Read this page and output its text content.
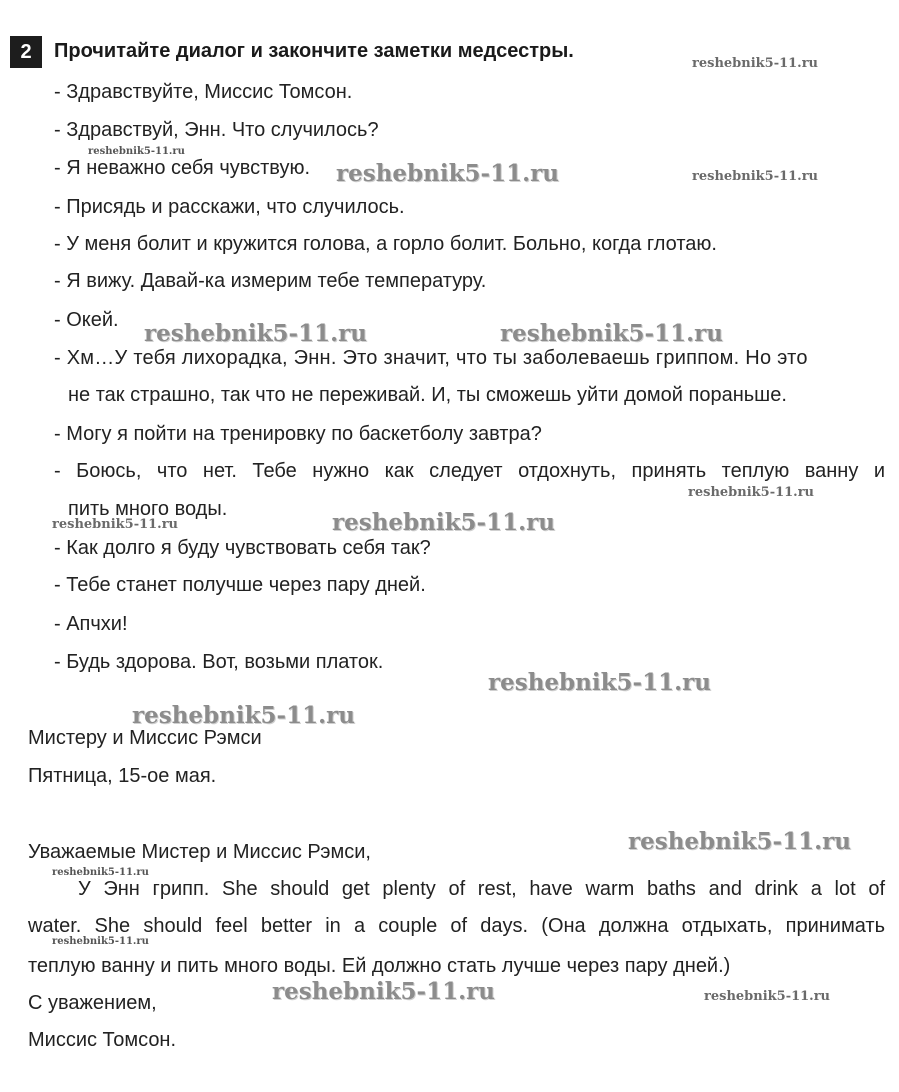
2	Прочитайте диалог и закончите заметки медсестры.
- Здравствуйте, Миссис Томсон.
- Здравствуй, Энн. Что случилось?
- Я неважно себя чувствую.
- Присядь и расскажи, что случилось.
- У меня болит и кружится голова, а горло болит. Больно, когда глотаю.
- Я вижу. Давай-ка измерим тебе температуру.
- Окей.
- Хм…У тебя лихорадка, Энн. Это значит, что ты заболеваешь гриппом. Но это
не так страшно, так что не переживай. И, ты сможешь уйти домой пораньше.
- Могу я пойти на тренировку по баскетболу завтра?
- Боюсь, что нет. Тебе нужно как следует отдохнуть, принять теплую ванну и
пить много воды.
- Как долго я буду чувствовать себя так?
- Тебе станет получше через пару дней.
- Апчхи!
- Будь здорова. Вот, возьми платок.
Мистеру и Миссис Рэмси
Пятница, 15-ое мая.
Уважаемые Мистер и Миссис Рэмси,
У Энн грипп. She should get plenty of rest, have warm baths and drink a lot of
water. She should feel better in a couple of days. (Она должна отдыхать, принимать
теплую ванну и пить много воды. Ей должно стать лучше через пару дней.)
С уважением,
Миссис Томсон.
reshebnik5-11.ru
reshebnik5-11.ru
reshebnik5-11.ru	reshebnik5-11.ru
reshebnik5-11.ru	reshebnik5-11.ru
reshebnik5-11.ru
reshebnik5-11.ru	reshebnik5-11.ru
reshebnik5-11.ru
reshebnik5-11.ru
reshebnik5-11.ru
reshebnik5-11.ru
reshebnik5-11.ru
reshebnik5-11.ru	reshebnik5-11.ru
